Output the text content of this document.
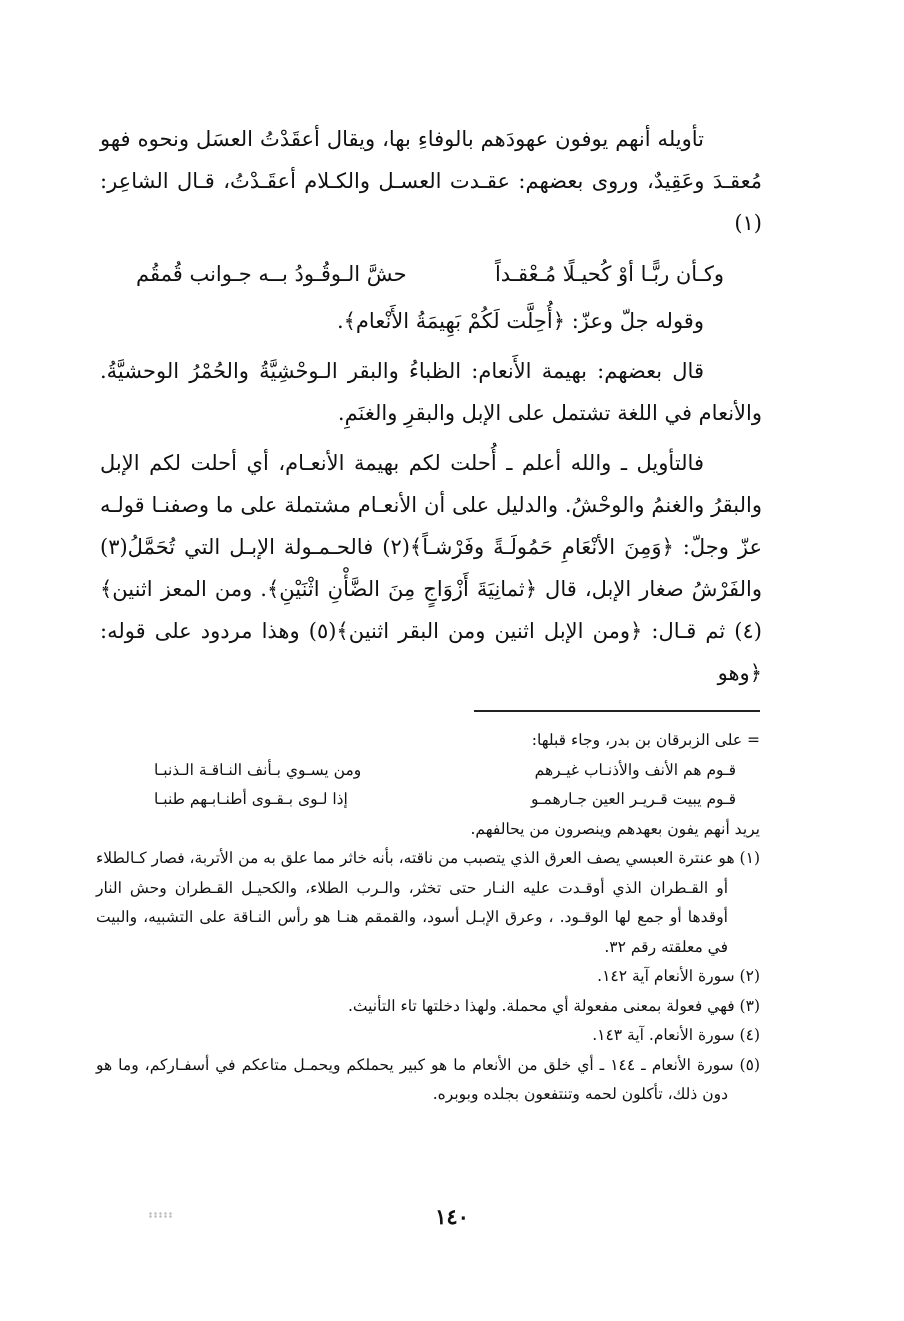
تأويله أنهم يوفون عهودَهم بالوفاءِ بها، ويقال أعقَدْتُ العسَل ونحوه فهو مُعقـدَ وعَقِيدٌ، وروى بعضهم: عقـدت العسـل والكـلام أعقَـدْتُ، قـال الشاعِر: (١)

وكـأن ربًّـا أوْ كُحيـلًا مُـعْقـداً
حشَّ الـوقُـودُ بــه جـوانب قُمقُم

وقوله جلّ وعزّ: ﴿أُحِلَّت لَكُمْ بَهِيمَةُ الأَنْعام﴾.

قال بعضهم: بهيمة الأَنعام: الظباءُ والبقر الـوحْشِيَّةُ والحُمْرُ الوحشيَّةُ. والأنعام في اللغة تشتمل على الإبل والبقرِ والغنَمِ.

فالتأويل ـ والله أعلم ـ أُحلت لكم بهيمة الأنعـام، أي أحلت لكم الإبل والبقرُ والغنمُ والوحْشُ. والدليل على أن الأنعـام مشتملة على ما وصفنـا قولـه عزّ وجلّ: ﴿وَمِنَ الأنْعَامِ حَمُولَـةً وفَرْشـاً﴾(٢) فالحـمـولة الإبـل التي تُحَمَّلُ(٣) والفَرْشُ صغار الإبل، قال ﴿ثمانِيَةَ أَزْوَاجٍ مِنَ الضَّأْنِ اثْنَيْنِ﴾. ومن المعز اثنين﴾(٤) ثم قـال: ﴿ومن الإبل اثنين ومن البقر اثنين﴾(٥) وهذا مردود على قوله: ﴿وهو

= على الزبرقان بن بدر، وجاء قبلها:

قـوم هم الأنف والأذنـاب غيـرهم
ومن يسـوي بـأنف النـاقـة الـذنبـا
قـوم يبيت قـريـر العين جـارهمـو
إذا لـوى بـقـوى أطنـابـهم طنبـا

يريد أنهم يفون بعهدهم وينصرون من يحالفهم.

(١) هو عنترة العبسي يصف العرق الذي يتصبب من ناقته، بأنه خاثر مما علق به من الأتربة، فصار كـالطلاء أو القـطران الذي أوقـدت عليه النـار حتى تخثر، والـرب الطلاء، والكحيـل القـطران وحش النار أوقدها أو جمع لها الوقـود. ، وعرق الإبـل أسود، والقمقم هنـا هو رأس النـاقة على التشبيه، والبيت في معلقته رقم ٣٢.

(٢) سورة الأنعام آية ١٤٢.

(٣) فهي فعولة بمعنى مفعولة أي محملة. ولهذا دخلتها تاء التأنيث.

(٤) سورة الأنعام. آية ١٤٣.

(٥) سورة الأنعام ـ ١٤٤ ـ أي خلق من الأنعام ما هو كبير يحملكم ويحمـل متاعكم في أسفـاركم، وما هو دون ذلك، تأكلون لحمه وتنتفعون بجلده وبوبره.

١٤٠
